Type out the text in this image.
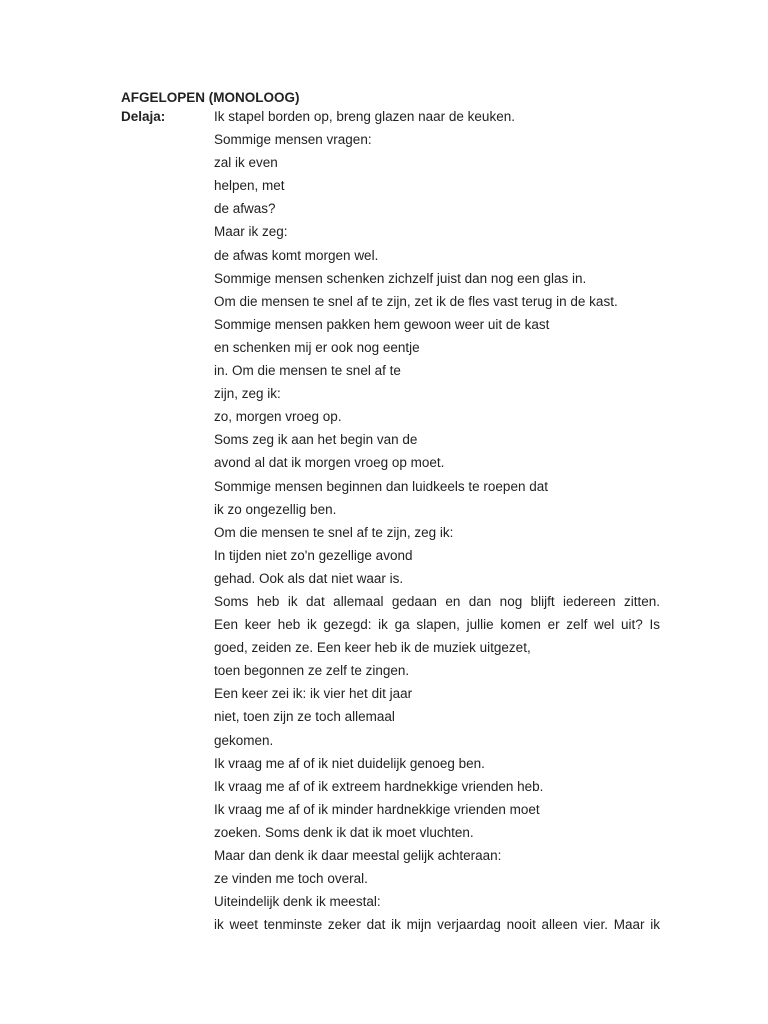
AFGELOPEN (MONOLOOG)
Delaja:	Ik stapel borden op, breng glazen naar de keuken.
Sommige mensen vragen:
zal ik even
helpen, met
de afwas?
Maar ik zeg:
de afwas komt morgen wel.
Sommige mensen schenken zichzelf juist dan nog een glas in.
Om die mensen te snel af te zijn, zet ik de fles vast terug in de kast.
Sommige mensen pakken hem gewoon weer uit de kast
en schenken mij er ook nog eentje
in. Om die mensen te snel af te
zijn, zeg ik:
zo, morgen vroeg op.
Soms zeg ik aan het begin van de
avond al dat ik morgen vroeg op moet.
Sommige mensen beginnen dan luidkeels te roepen dat
ik zo ongezellig ben.
Om die mensen te snel af te zijn, zeg ik:
In tijden niet zo'n gezellige avond
gehad. Ook als dat niet waar is.
Soms heb ik dat allemaal gedaan en dan nog blijft iedereen zitten.
Een keer heb ik gezegd: ik ga slapen, jullie komen er zelf wel uit? Is
goed, zeiden ze. Een keer heb ik de muziek uitgezet,
toen begonnen ze zelf te zingen.
Een keer zei ik: ik vier het dit jaar
niet, toen zijn ze toch allemaal
gekomen.
Ik vraag me af of ik niet duidelijk genoeg ben.
Ik vraag me af of ik extreem hardnekkige vrienden heb.
Ik vraag me af of ik minder hardnekkige vrienden moet
zoeken. Soms denk ik dat ik moet vluchten.
Maar dan denk ik daar meestal gelijk achteraan:
ze vinden me toch overal.
Uiteindelijk denk ik meestal:
ik weet tenminste zeker dat ik mijn verjaardag nooit alleen vier. Maar ik
